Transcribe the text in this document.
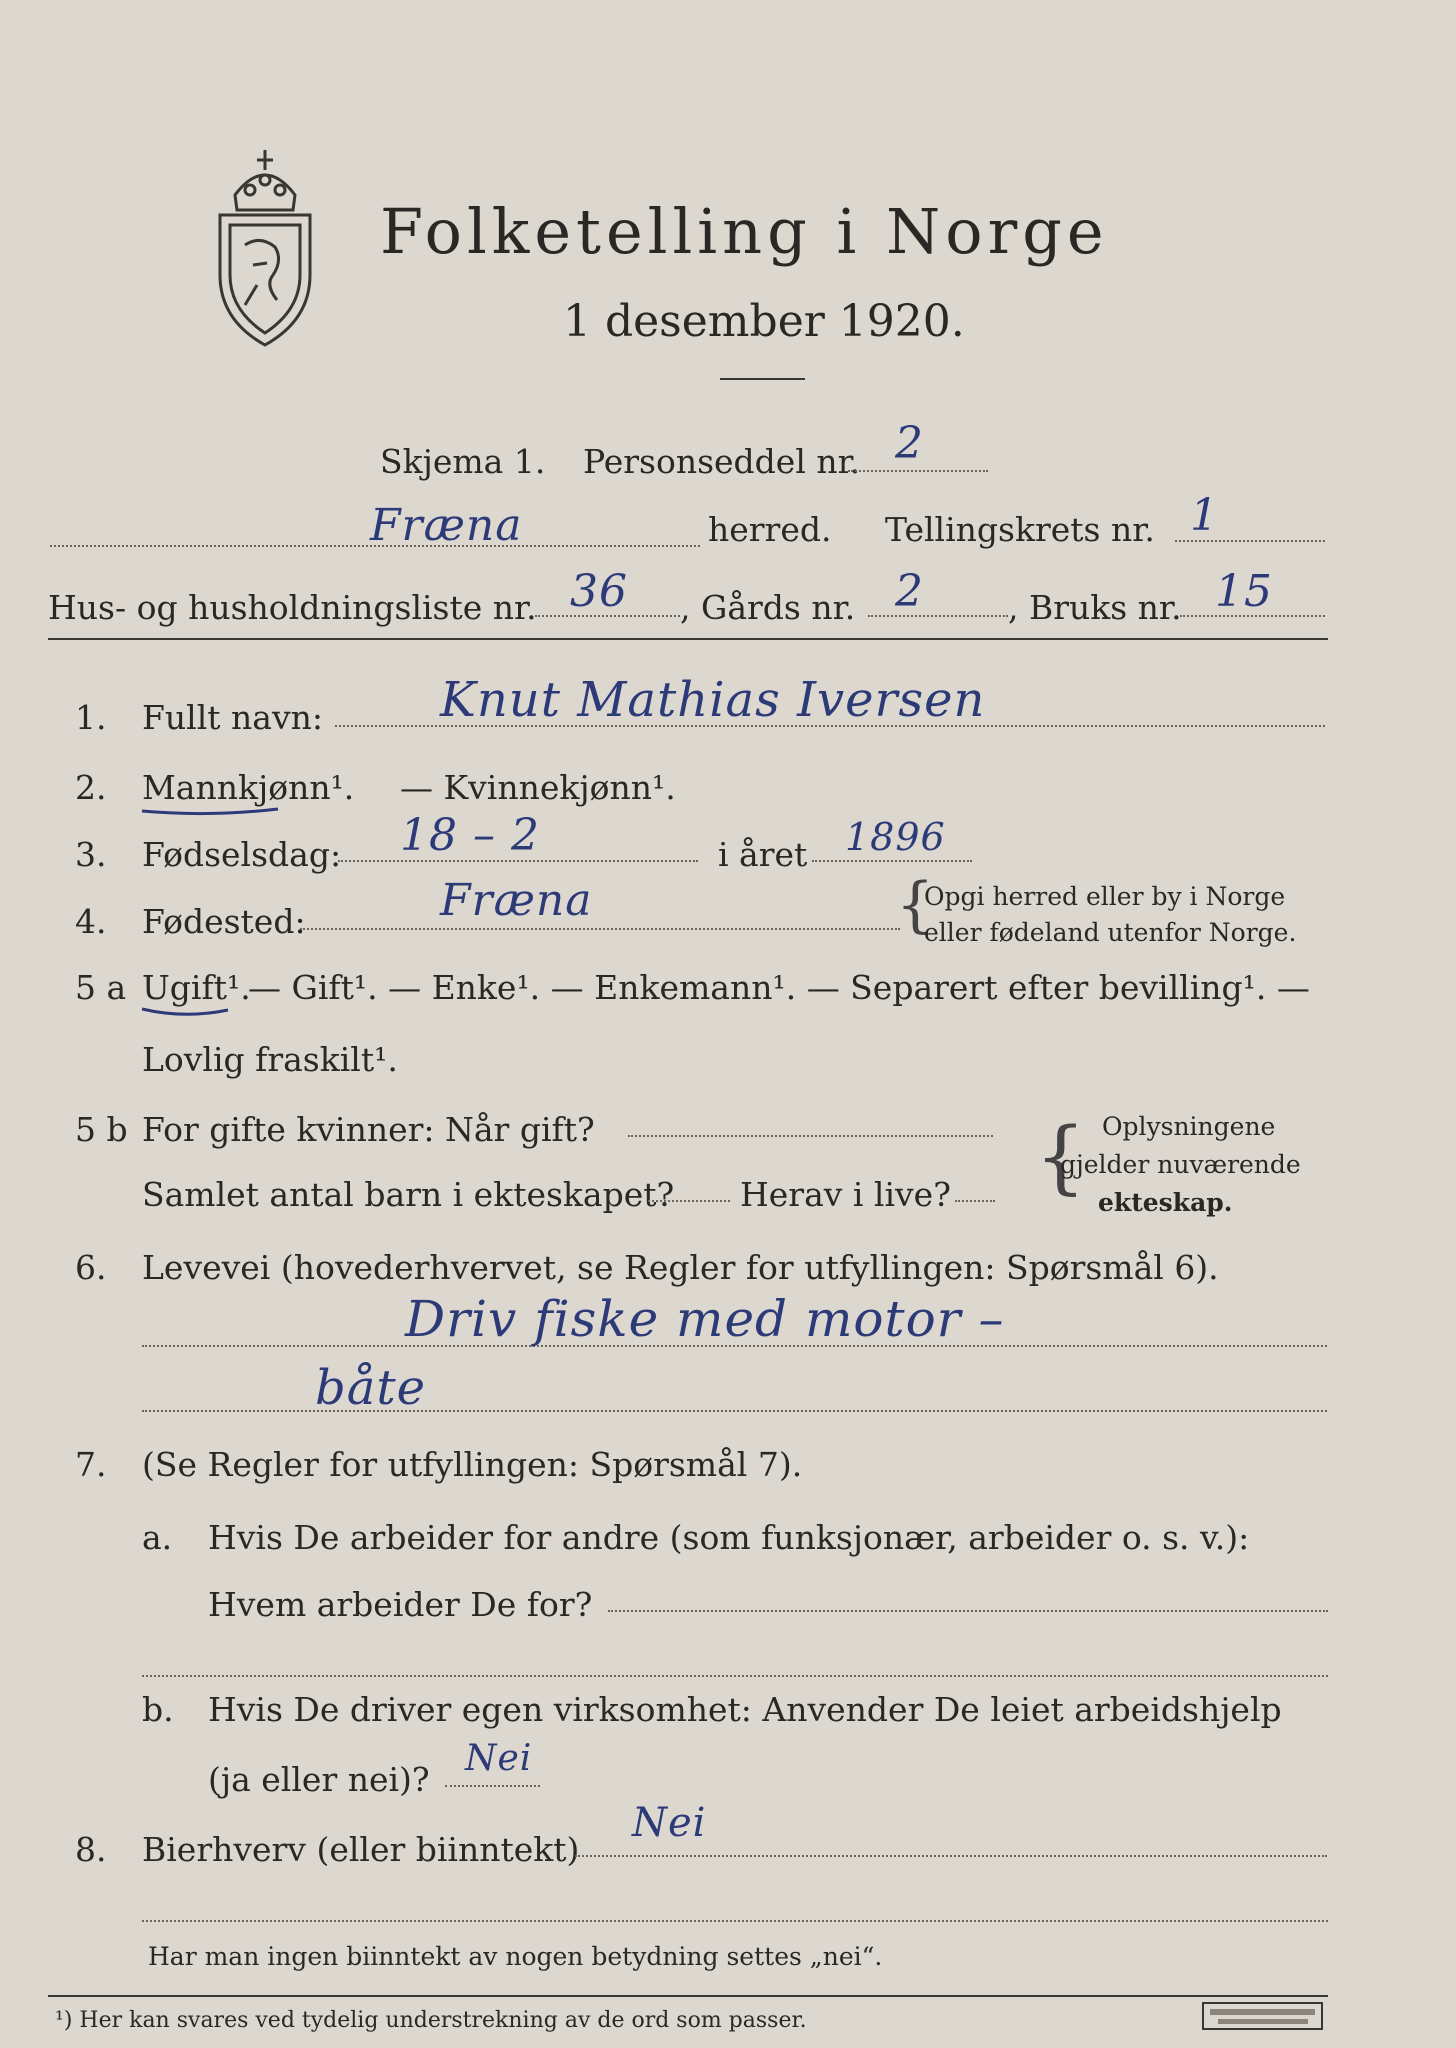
Folketelling i Norge
1 desember 1920.
Skjema 1. Personseddel nr. 2
Fræna	herred. Tellingskrets nr. 1
Hus- og husholdningsliste nr. 36 , Gårds nr. 2	, Bruks nr. 15
1. Fullt navn: Knut Mathias Iversen
2. Mannkjønn¹. — Kvinnekjønn¹.
3. Fødselsdag: 18 – 2	i året 1896
4. Fødested:	Fræna	{
Opgi herred eller by i Norge
eller fødeland utenfor Norge.
5 a Ugift¹.
— Gift¹. — Enke¹. — Enkemann¹. — Separert efter bevilling¹. —
Lovlig fraskilt¹.
5 b For gifte kvinner: Når gift?
Samlet antal barn i ekteskapet? Herav i live? { Oplysningene
gjelder nuværende
ekteskap.
6. Levevei (hovederhvervet, se Regler for utfyllingen: Spørsmål 6).
Driv fiske med motor –
båte
7. (Se Regler for utfyllingen: Spørsmål 7).
a. Hvis De arbeider for andre (som funksjonær, arbeider o. s. v.):
Hvem arbeider De for?
b. Hvis De driver egen virksomhet: Anvender De leiet arbeidshjelp
(ja eller nei)?
Nei
8. Bierhverv (eller biinntekt)
Nei
Har man ingen biinntekt av nogen betydning settes „nei“.
¹) Her kan svares ved tydelig understrekning av de ord som passer.
